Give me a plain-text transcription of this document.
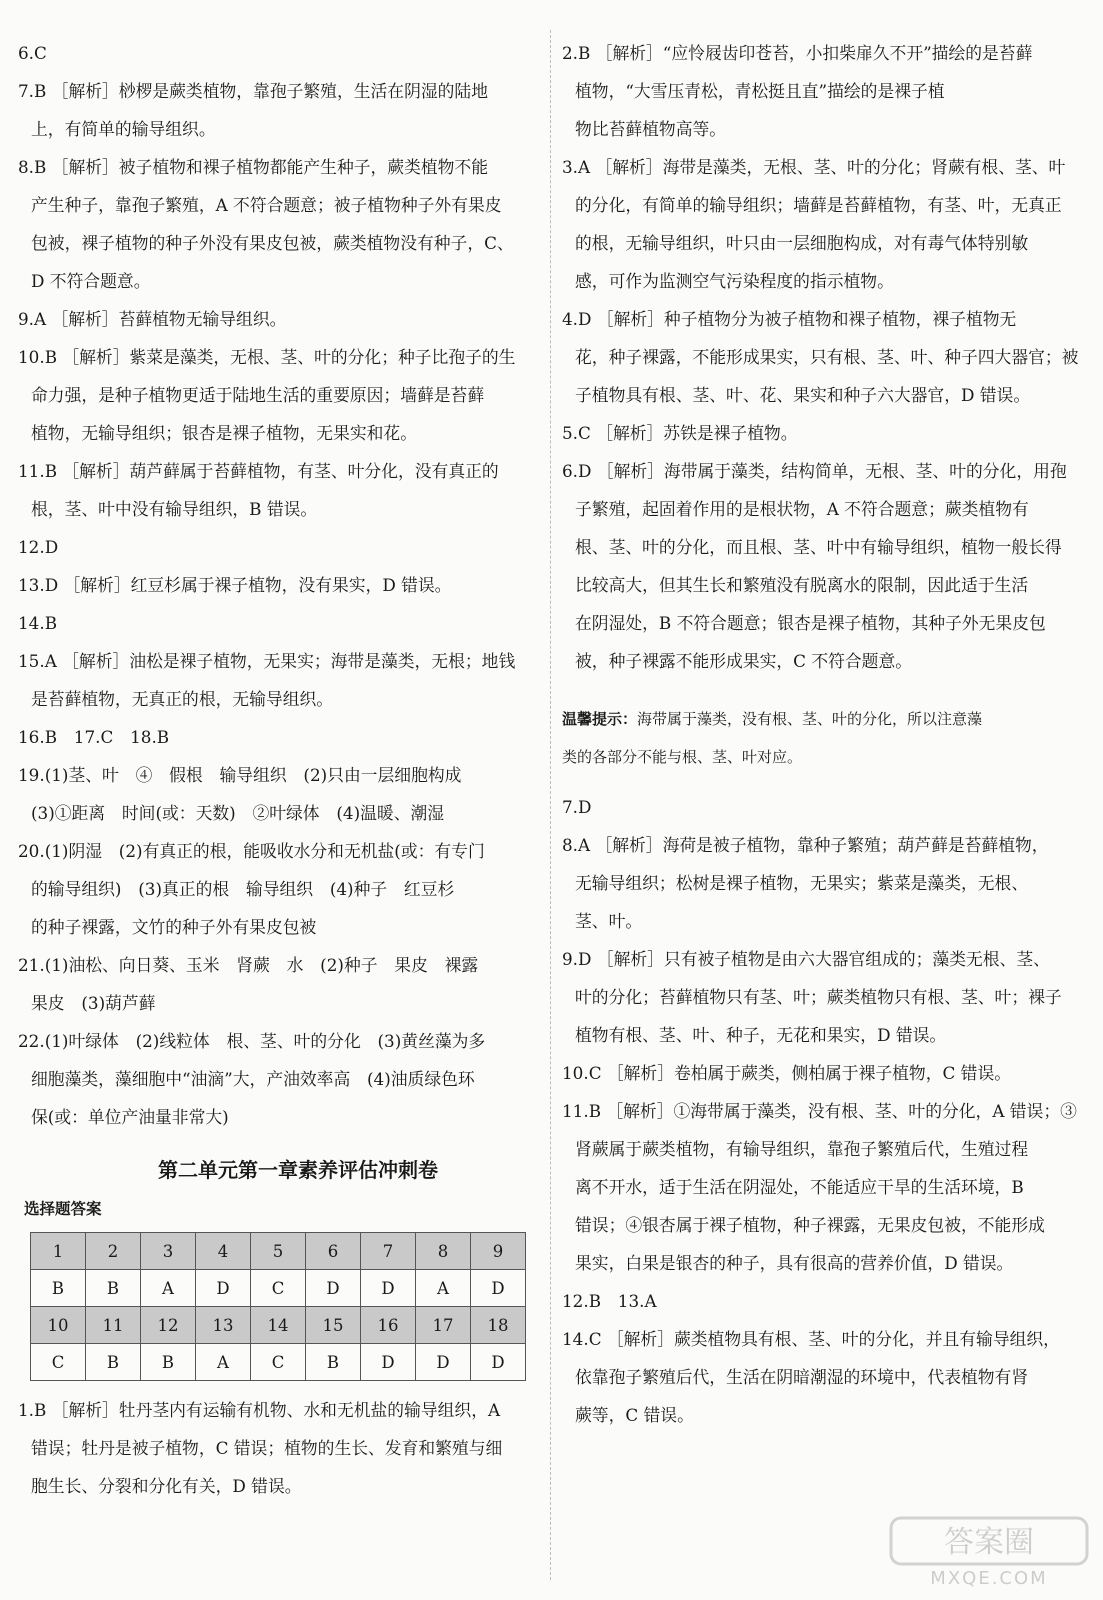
6.C
7.B ［解析］桫椤是蕨类植物，靠孢子繁殖，生活在阴湿的陆地
上，有简单的输导组织。
8.B ［解析］被子植物和裸子植物都能产生种子，蕨类植物不能
产生种子，靠孢子繁殖，A 不符合题意；被子植物种子外有果皮
包被，裸子植物的种子外没有果皮包被，蕨类植物没有种子，C、
D 不符合题意。
9.A ［解析］苔藓植物无输导组织。
10.B ［解析］紫菜是藻类，无根、茎、叶的分化；种子比孢子的生
命力强，是种子植物更适于陆地生活的重要原因；墙藓是苔藓
植物，无输导组织；银杏是裸子植物，无果实和花。
11.B ［解析］葫芦藓属于苔藓植物，有茎、叶分化，没有真正的
根，茎、叶中没有输导组织，B 错误。
12.D
13.D ［解析］红豆杉属于裸子植物，没有果实，D 错误。
14.B
15.A ［解析］油松是裸子植物，无果实；海带是藻类，无根；地钱
是苔藓植物，无真正的根，无输导组织。
16.B　17.C　18.B
19.(1)茎、叶　④　假根　输导组织　(2)只由一层细胞构成
(3)①距离　时间(或：天数)　②叶绿体　(4)温暖、潮湿
20.(1)阴湿　(2)有真正的根，能吸收水分和无机盐(或：有专门
的输导组织)　(3)真正的根　输导组织　(4)种子　红豆杉
的种子裸露，文竹的种子外有果皮包被
21.(1)油松、向日葵、玉米　肾蕨　水　(2)种子　果皮　裸露
果皮　(3)葫芦藓
22.(1)叶绿体　(2)线粒体　根、茎、叶的分化　(3)黄丝藻为多
细胞藻类，藻细胞中“油滴”大，产油效率高　(4)油质绿色环
保(或：单位产油量非常大)
第二单元第一章素养评估冲刺卷
选择题答案
1	2	3	4	5	6	7	8	9
B	B	A	D	C	D	D	A	D
10	11	12	13	14	15	16	17	18
C	B	B	A	C	B	D	D	D
1.B ［解析］牡丹茎内有运输有机物、水和无机盐的输导组织，A
错误；牡丹是被子植物，C 错误；植物的生长、发育和繁殖与细
胞生长、分裂和分化有关，D 错误。
2.B ［解析］“应怜屐齿印苍苔，小扣柴扉久不开”描绘的是苔藓
植物，“大雪压青松，青松挺且直”描绘的是裸子植
物比苔藓植物高等。
3.A ［解析］海带是藻类，无根、茎、叶的分化；肾蕨有根、茎、叶
的分化，有简单的输导组织；墙藓是苔藓植物，有茎、叶，无真正
的根，无输导组织，叶只由一层细胞构成，对有毒气体特别敏
感，可作为监测空气污染程度的指示植物。
4.D ［解析］种子植物分为被子植物和裸子植物，裸子植物无
花，种子裸露，不能形成果实，只有根、茎、叶、种子四大器官；被
子植物具有根、茎、叶、花、果实和种子六大器官，D 错误。
5.C ［解析］苏铁是裸子植物。
6.D ［解析］海带属于藻类，结构简单，无根、茎、叶的分化，用孢
子繁殖，起固着作用的是根状物，A 不符合题意；蕨类植物有
根、茎、叶的分化，而且根、茎、叶中有输导组织，植物一般长得
比较高大，但其生长和繁殖没有脱离水的限制，因此适于生活
在阴湿处，B 不符合题意；银杏是裸子植物，其种子外无果皮包
被，种子裸露不能形成果实，C 不符合题意。
温馨提示：海带属于藻类，没有根、茎、叶的分化，所以注意藻
类的各部分不能与根、茎、叶对应。
7.D
8.A ［解析］海荷是被子植物，靠种子繁殖；葫芦藓是苔藓植物，
无输导组织；松树是裸子植物，无果实；紫菜是藻类，无根、
茎、叶。
9.D ［解析］只有被子植物是由六大器官组成的；藻类无根、茎、
叶的分化；苔藓植物只有茎、叶；蕨类植物只有根、茎、叶；裸子
植物有根、茎、叶、种子，无花和果实，D 错误。
10.C ［解析］卷柏属于蕨类，侧柏属于裸子植物，C 错误。
11.B ［解析］①海带属于藻类，没有根、茎、叶的分化，A 错误；③
肾蕨属于蕨类植物，有输导组织，靠孢子繁殖后代，生殖过程
离不开水，适于生活在阴湿处，不能适应干旱的生活环境，B
错误；④银杏属于裸子植物，种子裸露，无果皮包被，不能形成
果实，白果是银杏的种子，具有很高的营养价值，D 错误。
12.B　13.A
14.C ［解析］蕨类植物具有根、茎、叶的分化，并且有输导组织，
依靠孢子繁殖后代，生活在阴暗潮湿的环境中，代表植物有肾
蕨等，C 错误。
答案圈
MXQE.COM
